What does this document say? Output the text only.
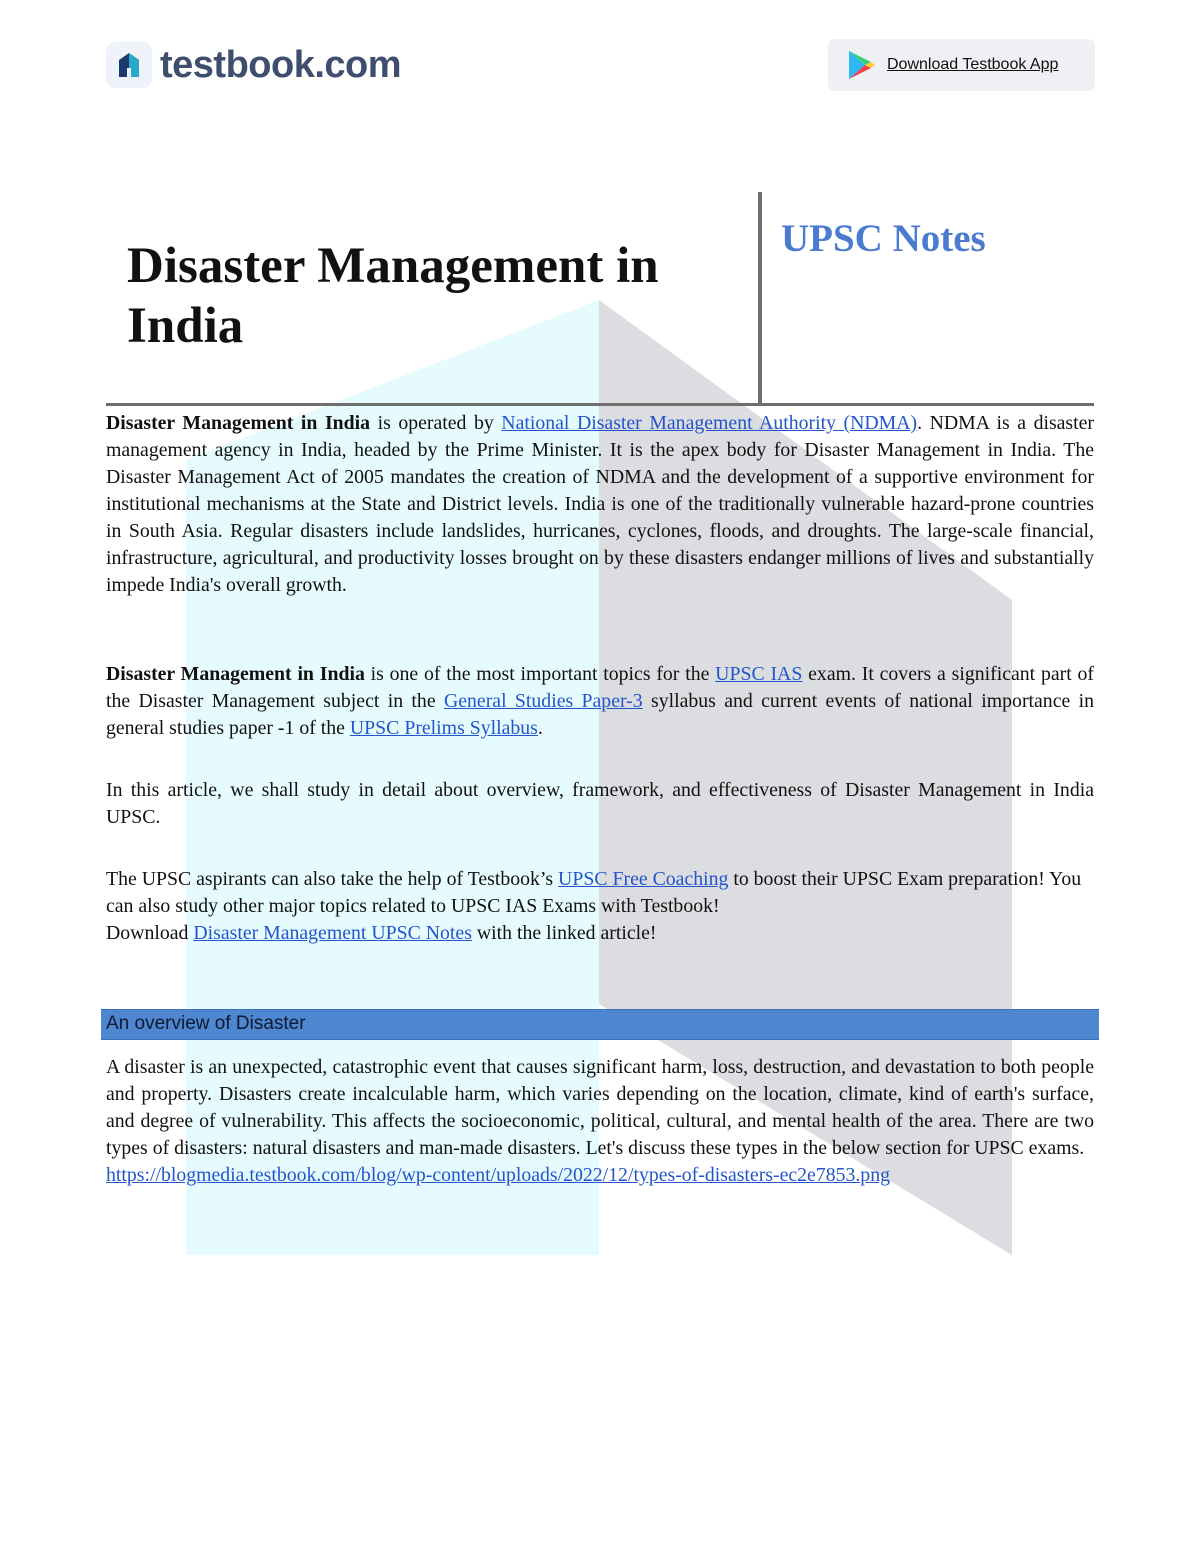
testbook.com	Download Testbook App
Disaster Management in India
UPSC Notes

Disaster Management in India is operated by National Disaster Management Authority (NDMA). NDMA is a disaster management agency in India, headed by the Prime Minister. It is the apex body for Disaster Management in India. The Disaster Management Act of 2005 mandates the creation of NDMA and the development of a supportive environment for institutional mechanisms at the State and District levels. India is one of the traditionally vulnerable hazard-prone countries in South Asia. Regular disasters include landslides, hurricanes, cyclones, floods, and droughts. The large-scale financial, infrastructure, agricultural, and productivity losses brought on by these disasters endanger millions of lives and substantially impede India's overall growth.

Disaster Management in India is one of the most important topics for the UPSC IAS exam. It covers a significant part of the Disaster Management subject in the General Studies Paper-3 syllabus and current events of national importance in general studies paper -1 of the UPSC Prelims Syllabus.

In this article, we shall study in detail about overview, framework, and effectiveness of Disaster Management in India UPSC.

The UPSC aspirants can also take the help of Testbook’s UPSC Free Coaching to boost their UPSC Exam preparation! You can also study other major topics related to UPSC IAS Exams with Testbook!
Download Disaster Management UPSC Notes with the linked article!

An overview of Disaster

A disaster is an unexpected, catastrophic event that causes significant harm, loss, destruction, and devastation to both people and property. Disasters create incalculable harm, which varies depending on the location, climate, kind of earth's surface, and degree of vulnerability. This affects the socioeconomic, political, cultural, and mental health of the area. There are two types of disasters: natural disasters and man-made disasters. Let's discuss these types in the below section for UPSC exams.
https://blogmedia.testbook.com/blog/wp-content/uploads/2022/12/types-of-disasters-ec2e7853.png
